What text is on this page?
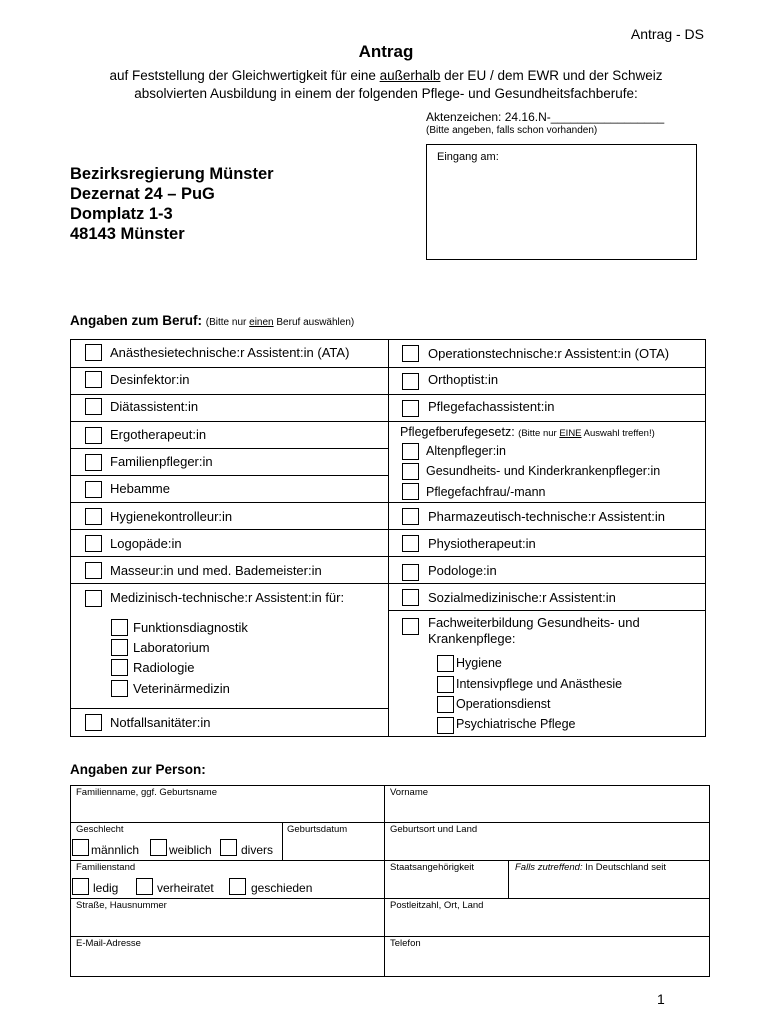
Antrag - DS
Antrag
auf Feststellung der Gleichwertigkeit für eine außerhalb der EU / dem EWR und der Schweiz
absolvierten Ausbildung in einem der folgenden Pflege- und Gesundheitsfachberufe:
Aktenzeichen: 24.16.N-_________________
(Bitte angeben, falls schon vorhanden)
Bezirksregierung Münster
Dezernat 24 – PuG
Domplatz 1-3
48143 Münster
Eingang am:
Angaben zum Beruf: (Bitte nur einen Beruf auswählen)
Anästhesietechnische:r Assistent:in (ATA)
Desinfektor:in
Diätassistent:in
Ergotherapeut:in
Familienpfleger:in
Hebamme
Hygienekontrolleur:in
Logopäde:in
Masseur:in und med. Bademeister:in
Medizinisch-technische:r Assistent:in für:
Funktionsdiagnostik
Laboratorium
Radiologie
Veterinärmedizin
Notfallsanitäter:in
Operationstechnische:r Assistent:in (OTA)
Orthoptist:in
Pflegefachassistent:in
Pflegefberufegesetz: (Bitte nur EINE Auswahl treffen!)
Altenpfleger:in
Gesundheits- und Kinderkrankenpfleger:in
Pflegefachfrau/-mann
Pharmazeutisch-technische:r Assistent:in
Physiotherapeut:in
Podologe:in
Sozialmedizinische:r Assistent:in
Fachweiterbildung Gesundheits- und
Krankenpflege:
Hygiene
Intensivpflege und Anästhesie
Operationsdienst
Psychiatrische Pflege
Angaben zur Person:
Familienname, ggf. Geburtsname	Vorname
Geschlecht
männlich weiblich divers
Geburtsdatum	Geburtsort und Land
Familienstand
ledig	verheiratet	geschieden
Staatsangehörigkeit	Falls zutreffend: In Deutschland seit
Straße, Hausnummer	Postleitzahl, Ort, Land
E-Mail-Adresse	Telefon
1
